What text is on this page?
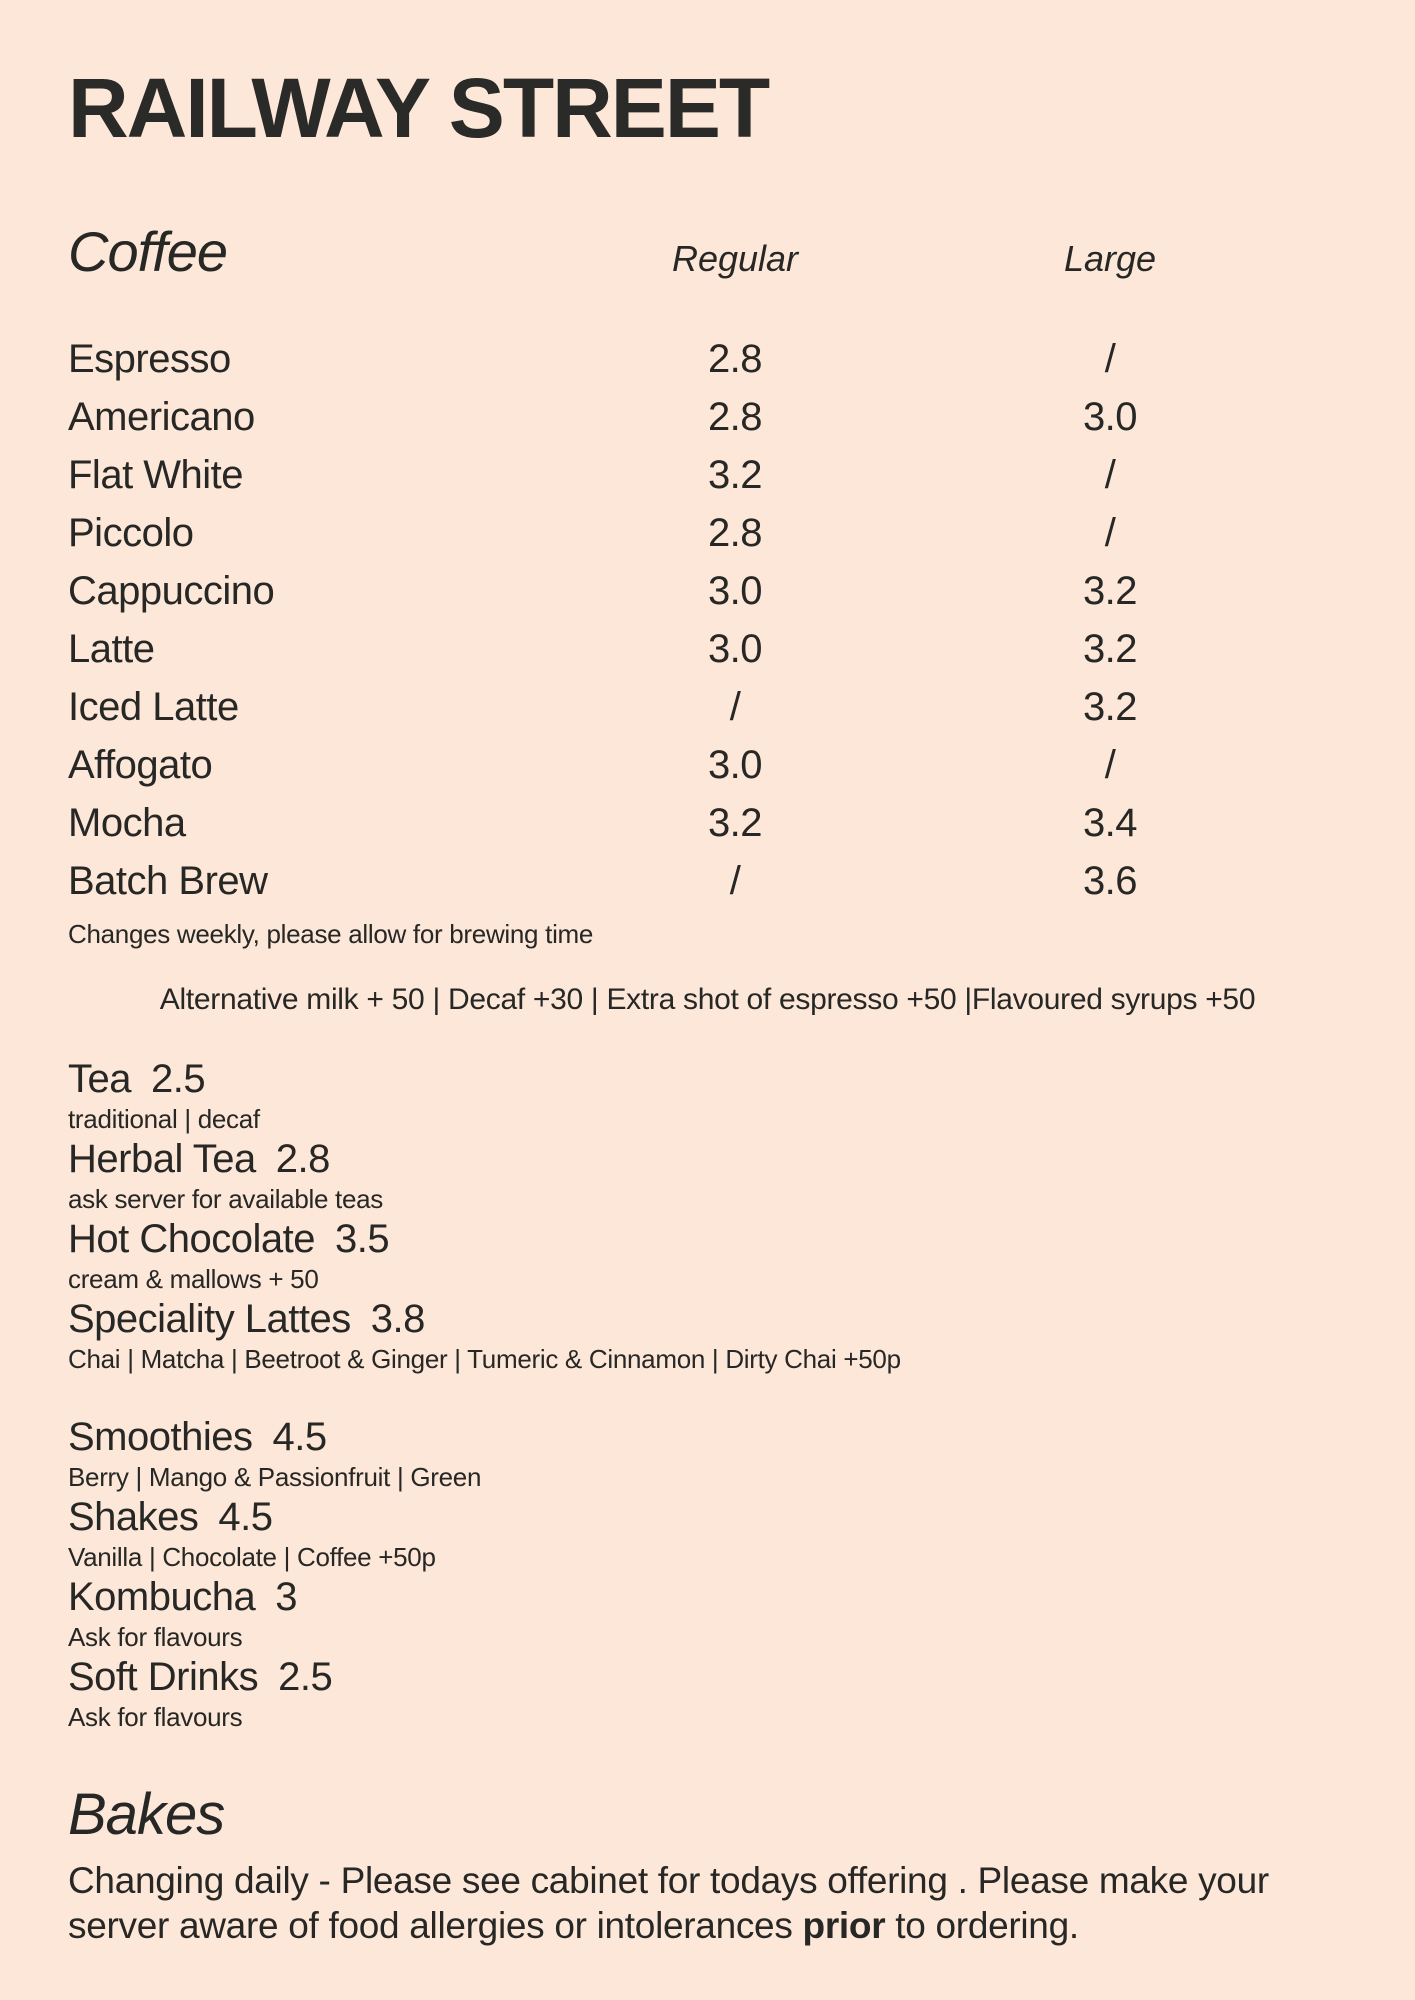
RAILWAY STREET
Coffee	Regular	Large
Espresso	2.8	/
Americano	2.8	3.0
Flat White	3.2	/
Piccolo	2.8	/
Cappuccino	3.0	3.2
Latte	3.0	3.2
Iced Latte	/	3.2
Affogato	3.0	/
Mocha	3.2	3.4
Batch Brew	/	3.6
Changes weekly, please allow for brewing time
Alternative milk + 50 | Decaf +30 | Extra shot of espresso +50 |Flavoured syrups +50
Tea 2.5
traditional | decaf
Herbal Tea 2.8
ask server for available teas
Hot Chocolate 3.5
cream & mallows + 50
Speciality Lattes 3.8
Chai | Matcha | Beetroot & Ginger | Tumeric & Cinnamon | Dirty Chai +50p
Smoothies 4.5
Berry | Mango & Passionfruit | Green
Shakes 4.5
Vanilla | Chocolate | Coffee +50p
Kombucha 3
Ask for flavours
Soft Drinks 2.5
Ask for flavours
Bakes

Changing daily - Please see cabinet for todays offering . Please make your server aware of food allergies or intolerances prior to ordering.
